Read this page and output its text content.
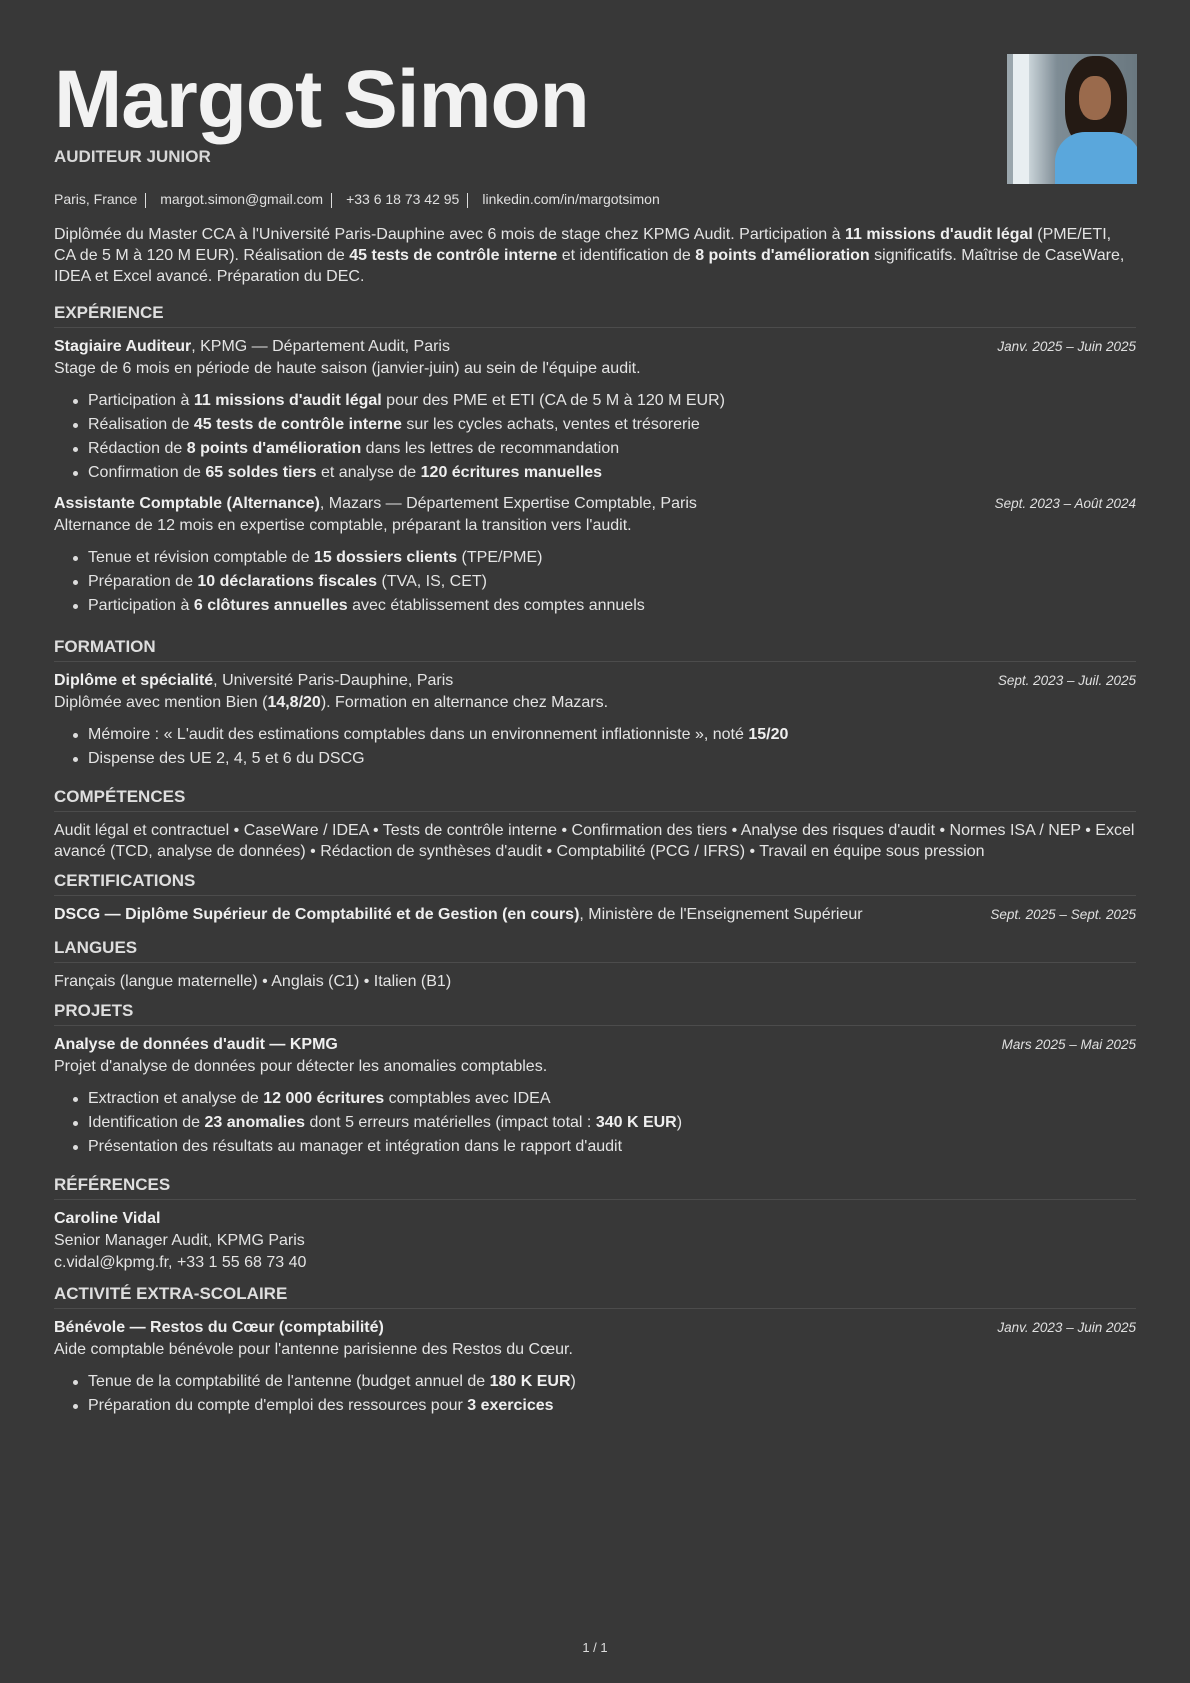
Margot Simon
AUDITEUR JUNIOR
Paris, France margot.simon@gmail.com +33 6 18 73 42 95 linkedin.com/in/margotsimon
Diplômée du Master CCA à l'Université Paris-Dauphine avec 6 mois de stage chez KPMG Audit. Participation à 11 missions d'audit légal (PME/ETI, CA de 5 M à 120 M EUR). Réalisation de 45 tests de contrôle interne et identification de 8 points d'amélioration significatifs. Maîtrise de CaseWare, IDEA et Excel avancé. Préparation du DEC.
EXPÉRIENCE
Stagiaire Auditeur, KPMG — Département Audit, Paris	Janv. 2025 – Juin 2025
Stage de 6 mois en période de haute saison (janvier-juin) au sein de l'équipe audit.
Participation à 11 missions d'audit légal pour des PME et ETI (CA de 5 M à 120 M EUR)
Réalisation de 45 tests de contrôle interne sur les cycles achats, ventes et trésorerie
Rédaction de 8 points d'amélioration dans les lettres de recommandation
Confirmation de 65 soldes tiers et analyse de 120 écritures manuelles
Assistante Comptable (Alternance), Mazars — Département Expertise Comptable, Paris	Sept. 2023 – Août 2024
Alternance de 12 mois en expertise comptable, préparant la transition vers l'audit.
Tenue et révision comptable de 15 dossiers clients (TPE/PME)
Préparation de 10 déclarations fiscales (TVA, IS, CET)
Participation à 6 clôtures annuelles avec établissement des comptes annuels
FORMATION
Diplôme et spécialité, Université Paris-Dauphine, Paris	Sept. 2023 – Juil. 2025
Diplômée avec mention Bien (14,8/20). Formation en alternance chez Mazars.
Mémoire : « L'audit des estimations comptables dans un environnement inflationniste », noté 15/20
Dispense des UE 2, 4, 5 et 6 du DSCG
COMPÉTENCES
Audit légal et contractuel • CaseWare / IDEA • Tests de contrôle interne • Confirmation des tiers • Analyse des risques d'audit • Normes ISA / NEP • Excel avancé (TCD, analyse de données) • Rédaction de synthèses d'audit • Comptabilité (PCG / IFRS) • Travail en équipe sous pression
CERTIFICATIONS
DSCG — Diplôme Supérieur de Comptabilité et de Gestion (en cours), Ministère de l'Enseignement Supérieur	Sept. 2025 – Sept. 2025
LANGUES
Français (langue maternelle) • Anglais (C1) • Italien (B1)
PROJETS
Analyse de données d'audit — KPMG	Mars 2025 – Mai 2025
Projet d'analyse de données pour détecter les anomalies comptables.
Extraction et analyse de 12 000 écritures comptables avec IDEA
Identification de 23 anomalies dont 5 erreurs matérielles (impact total : 340 K EUR)
Présentation des résultats au manager et intégration dans le rapport d'audit
RÉFÉRENCES
Caroline Vidal
Senior Manager Audit, KPMG Paris
c.vidal@kpmg.fr, +33 1 55 68 73 40
ACTIVITÉ EXTRA-SCOLAIRE
Bénévole — Restos du Cœur (comptabilité)	Janv. 2023 – Juin 2025
Aide comptable bénévole pour l'antenne parisienne des Restos du Cœur.
Tenue de la comptabilité de l'antenne (budget annuel de 180 K EUR)
Préparation du compte d'emploi des ressources pour 3 exercices
1 / 1
